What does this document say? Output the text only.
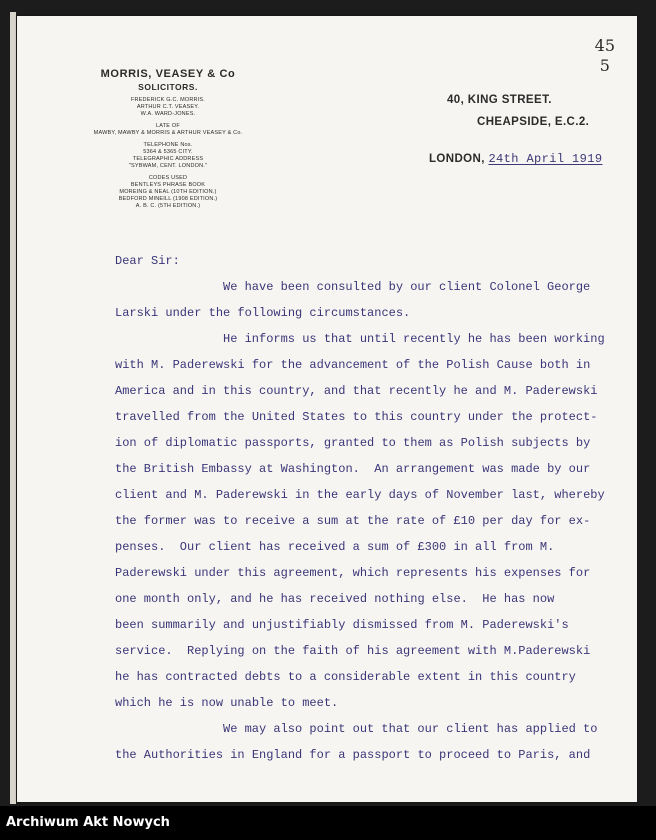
45
5
MORRIS, VEASEY & Co
SOLICITORS.
FREDERICK G.C. MORRIS.
ARTHUR C.T. VEASEY.
W.A. WARD-JONES.
LATE OF
MAWBY, MAWBY & MORRIS & ARTHUR VEASEY & Co.
TELEPHONE Nos.
5364 & 5365 CITY.
TELEGRAPHIC ADDRESS
"SYBWAM, CENT. LONDON."
CODES USED
BENTLEYS PHRASE BOOK
MOREING & NEAL (10TH EDITION.)
BEDFORD MINEILL (1908 EDITION.)
A. B. C. (5TH EDITION.)
40, KING STREET.
CHEAPSIDE, E.C.2.
LONDON, 24th April 1919

Dear Sir:

We have been consulted by our client Colonel George

Larski under the following circumstances.

He informs us that until recently he has been working

with M. Paderewski for the advancement of the Polish Cause both in

America and in this country, and that recently he and M. Paderewski

travelled from the United States to this country under the protect-

ion of diplomatic passports, granted to them as Polish subjects by

the British Embassy at Washington.  An arrangement was made by our

client and M. Paderewski in the early days of November last, whereby

the former was to receive a sum at the rate of £10 per day for ex-

penses.  Our client has received a sum of £300 in all from M.

Paderewski under this agreement, which represents his expenses for

one month only, and he has received nothing else.  He has now

been summarily and unjustifiably dismissed from M. Paderewski's

service.  Replying on the faith of his agreement with M.Paderewski

he has contracted debts to a considerable extent in this country

which he is now unable to meet.

We may also point out that our client has applied to

the Authorities in England for a passport to proceed to Paris, and

Archiwum Akt Nowych
